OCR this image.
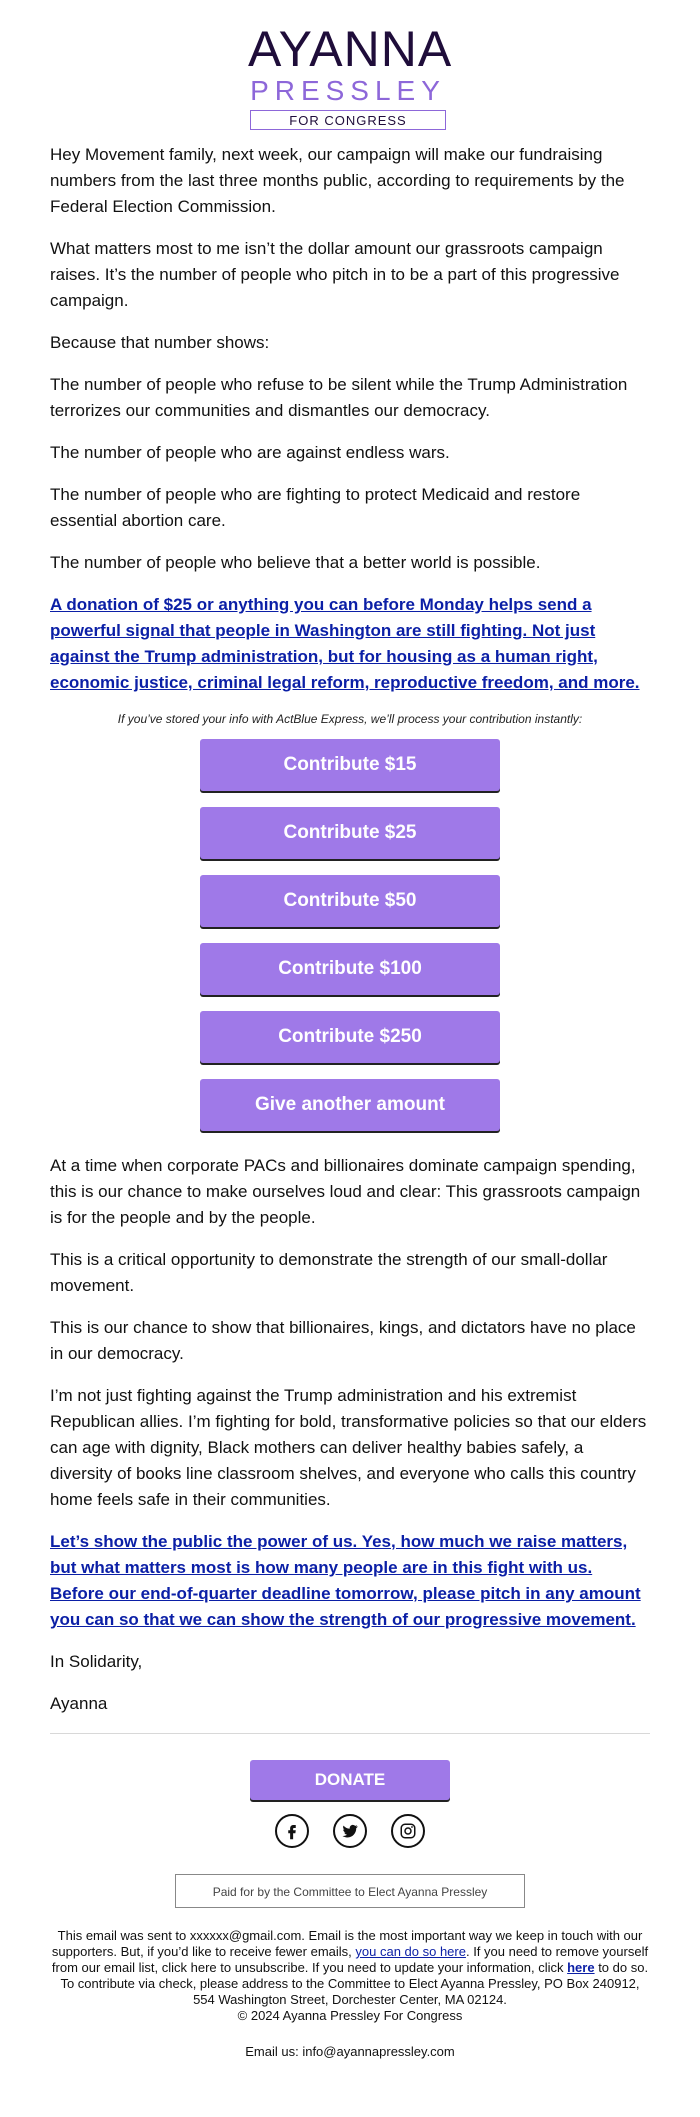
AYANNA
PRESSLEY
FOR CONGRESS

Hey Movement family, next week, our campaign will make our fundraising numbers from the last three months public, according to requirements by the Federal Election Commission.

What matters most to me isn’t the dollar amount our grassroots campaign raises. It’s the number of people who pitch in to be a part of this progressive campaign.

Because that number shows:

The number of people who refuse to be silent while the Trump Administration terrorizes our communities and dismantles our democracy.

The number of people who are against endless wars.

The number of people who are fighting to protect Medicaid and restore essential abortion care.

The number of people who believe that a better world is possible.

A donation of $25 or anything you can before Monday helps send a powerful signal that people in Washington are still fighting. Not just against the Trump administration, but for housing as a human right, economic justice, criminal legal reform, reproductive freedom, and more.

If you’ve stored your info with ActBlue Express, we’ll process your contribution instantly:

Contribute $15
Contribute $25
Contribute $50
Contribute $100
Contribute $250
Give another amount

At a time when corporate PACs and billionaires dominate campaign spending, this is our chance to make ourselves loud and clear: This grassroots campaign is for the people and by the people.

This is a critical opportunity to demonstrate the strength of our small-dollar movement.

This is our chance to show that billionaires, kings, and dictators have no place in our democracy.

I’m not just fighting against the Trump administration and his extremist Republican allies. I’m fighting for bold, transformative policies so that our elders can age with dignity, Black mothers can deliver healthy babies safely, a diversity of books line classroom shelves, and everyone who calls this country home feels safe in their communities.

Let’s show the public the power of us. Yes, how much we raise matters, but what matters most is how many people are in this fight with us. Before our end-of-quarter deadline tomorrow, please pitch in any amount you can so that we can show the strength of our progressive movement.

In Solidarity,

Ayanna

DONATE
Paid for by the Committee to Elect Ayanna Pressley
This email was sent to xxxxxx@gmail.com. Email is the most important way we keep in touch with our supporters. But, if you’d like to receive fewer emails, you can do so here. If you need to remove yourself from our email list, click here to unsubscribe. If you need to update your information, click here to do so. To contribute via check, please address to the Committee to Elect Ayanna Pressley, PO Box 240912, 554 Washington Street, Dorchester Center, MA 02124.
© 2024 Ayanna Pressley For Congress
Email us: info@ayannapressley.com
